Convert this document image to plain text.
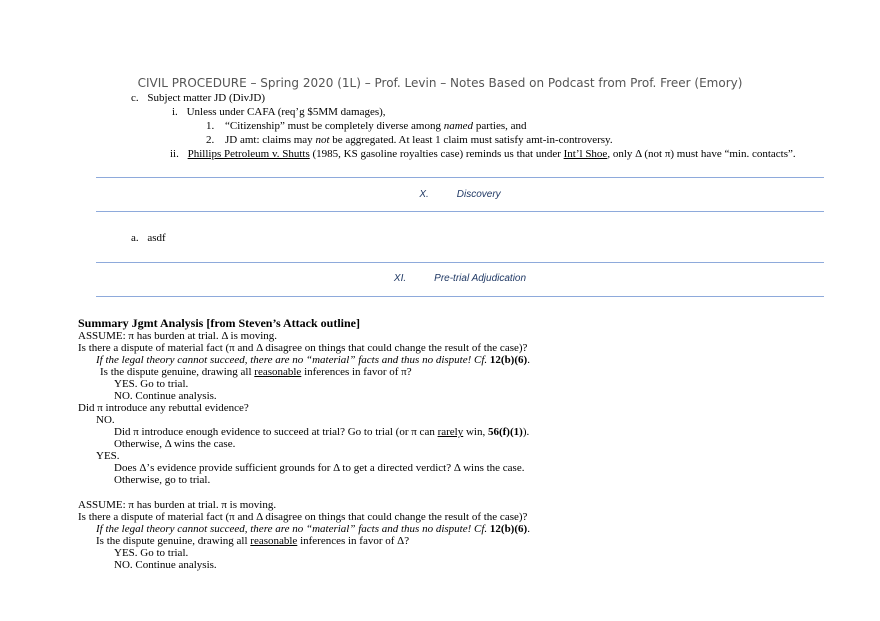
CIVIL PROCEDURE – Spring 2020 (1L) – Prof. Levin – Notes Based on Podcast from Prof. Freer (Emory)
c. Subject matter JD (DivJD)
i. Unless under CAFA (req’g $5MM damages),
1. “Citizenship” must be completely diverse among named parties, and
2. JD amt: claims may not be aggregated. At least 1 claim must satisfy amt-in-controversy.
ii. Phillips Petroleum v. Shutts (1985, KS gasoline royalties case) reminds us that under Int’l Shoe, only Δ (not π) must have “min. contacts”.
X.	Discovery
a. asdf
XI.	Pre-trial Adjudication
Summary Jgmt Analysis [from Steven’s Attack outline]
ASSUME: π has burden at trial. Δ is moving.
Is there a dispute of material fact (π and Δ disagree on things that could change the result of the case)?
If the legal theory cannot succeed, there are no “material” facts and thus no dispute! Cf. 12(b)(6).
Is the dispute genuine, drawing all reasonable inferences in favor of π?
YES. Go to trial.
NO. Continue analysis.
Did π introduce any rebuttal evidence?
NO.
Did π introduce enough evidence to succeed at trial? Go to trial (or π can rarely win, 56(f)(1)).
Otherwise, Δ wins the case.
YES.
Does Δ’s evidence provide sufficient grounds for Δ to get a directed verdict? Δ wins the case.
Otherwise, go to trial.
ASSUME: π has burden at trial. π is moving.
Is there a dispute of material fact (π and Δ disagree on things that could change the result of the case)?
If the legal theory cannot succeed, there are no “material” facts and thus no dispute! Cf. 12(b)(6).
Is the dispute genuine, drawing all reasonable inferences in favor of Δ?
YES. Go to trial.
NO. Continue analysis.
